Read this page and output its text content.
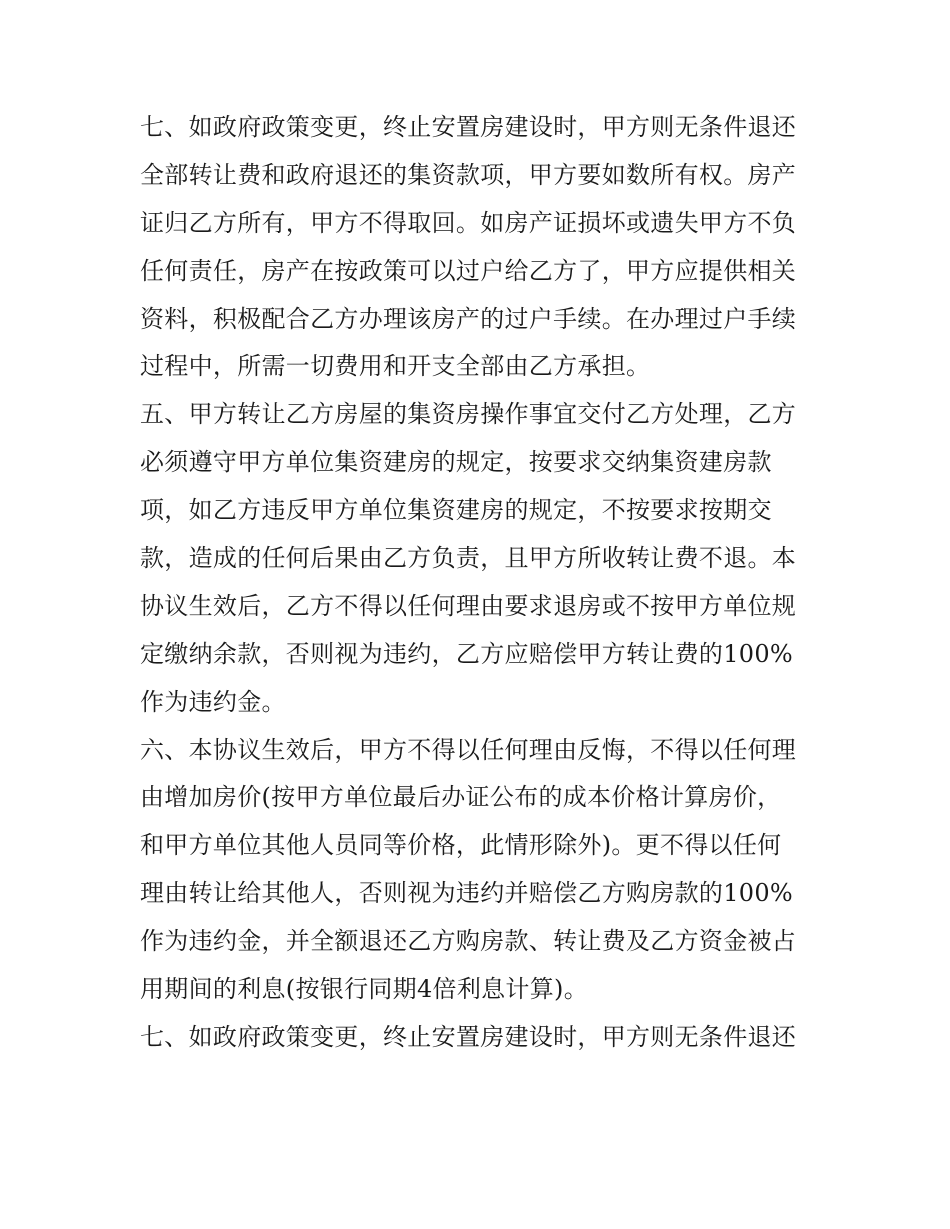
七、如政府政策变更，终止安置房建设时，甲方则无条件退还
全部转让费和政府退还的集资款项，甲方要如数所有权。房产
证归乙方所有，甲方不得取回。如房产证损坏或遗失甲方不负
任何责任，房产在按政策可以过户给乙方了，甲方应提供相关
资料，积极配合乙方办理该房产的过户手续。在办理过户手续
过程中，所需一切费用和开支全部由乙方承担。
五、甲方转让乙方房屋的集资房操作事宜交付乙方处理，乙方
必须遵守甲方单位集资建房的规定，按要求交纳集资建房款
项，如乙方违反甲方单位集资建房的规定，不按要求按期交
款，造成的任何后果由乙方负责，且甲方所收转让费不退。本
协议生效后，乙方不得以任何理由要求退房或不按甲方单位规
定缴纳余款，否则视为违约，乙方应赔偿甲方转让费的100%
作为违约金。
六、本协议生效后，甲方不得以任何理由反悔，不得以任何理
由增加房价(按甲方单位最后办证公布的成本价格计算房价，
和甲方单位其他人员同等价格，此情形除外)。更不得以任何
理由转让给其他人，否则视为违约并赔偿乙方购房款的100%
作为违约金，并全额退还乙方购房款、转让费及乙方资金被占
用期间的利息(按银行同期4倍利息计算)。
七、如政府政策变更，终止安置房建设时，甲方则无条件退还
